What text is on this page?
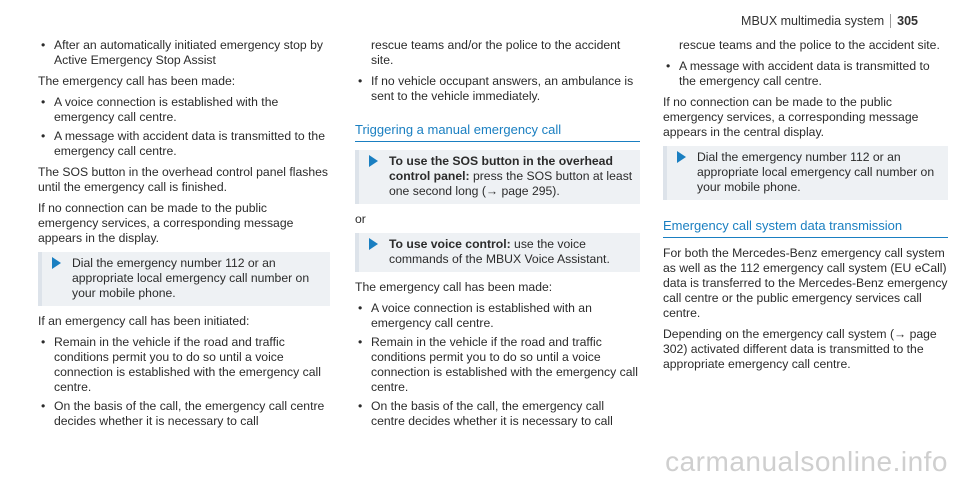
MBUX multimedia system 305
• After an automatically initiated emergency stop by Active Emergency Stop Assist

The emergency call has been made:

• A voice connection is established with the emergency call centre.
• A message with accident data is transmitted to the emergency call centre.

The SOS button in the overhead control panel flashes until the emergency call is finished.

If no connection can be made to the public emergency services, a corresponding message appears in the display.

Dial the emergency number 112 or an appropriate local emergency call number on your mobile phone.

If an emergency call has been initiated:

• Remain in the vehicle if the road and traffic conditions permit you to do so until a voice connection is established with the emergency call centre.
• On the basis of the call, the emergency call centre decides whether it is necessary to call
rescue teams and/or the police to the accident site.
• If no vehicle occupant answers, an ambulance is sent to the vehicle immediately.
Triggering a manual emergency call
To use the SOS button in the overhead control panel: press the SOS button at least one second long (→ page 295).

or

To use voice control: use the voice commands of the MBUX Voice Assistant.

The emergency call has been made:

• A voice connection is established with an emergency call centre.
• Remain in the vehicle if the road and traffic conditions permit you to do so until a voice connection is established with the emergency call centre.
• On the basis of the call, the emergency call centre decides whether it is necessary to call
rescue teams and the police to the accident site.
• A message with accident data is transmitted to the emergency call centre.

If no connection can be made to the public emergency services, a corresponding message appears in the central display.

Dial the emergency number 112 or an appropriate local emergency call number on your mobile phone.
Emergency call system data transmission

For both the Mercedes-Benz emergency call system as well as the 112 emergency call system (EU eCall) data is transferred to the Mercedes-Benz emergency call centre or the public emergency services call centre.

Depending on the emergency call system (→ page 302) activated different data is transmitted to the appropriate emergency call centre.

carmanualsonline.info
